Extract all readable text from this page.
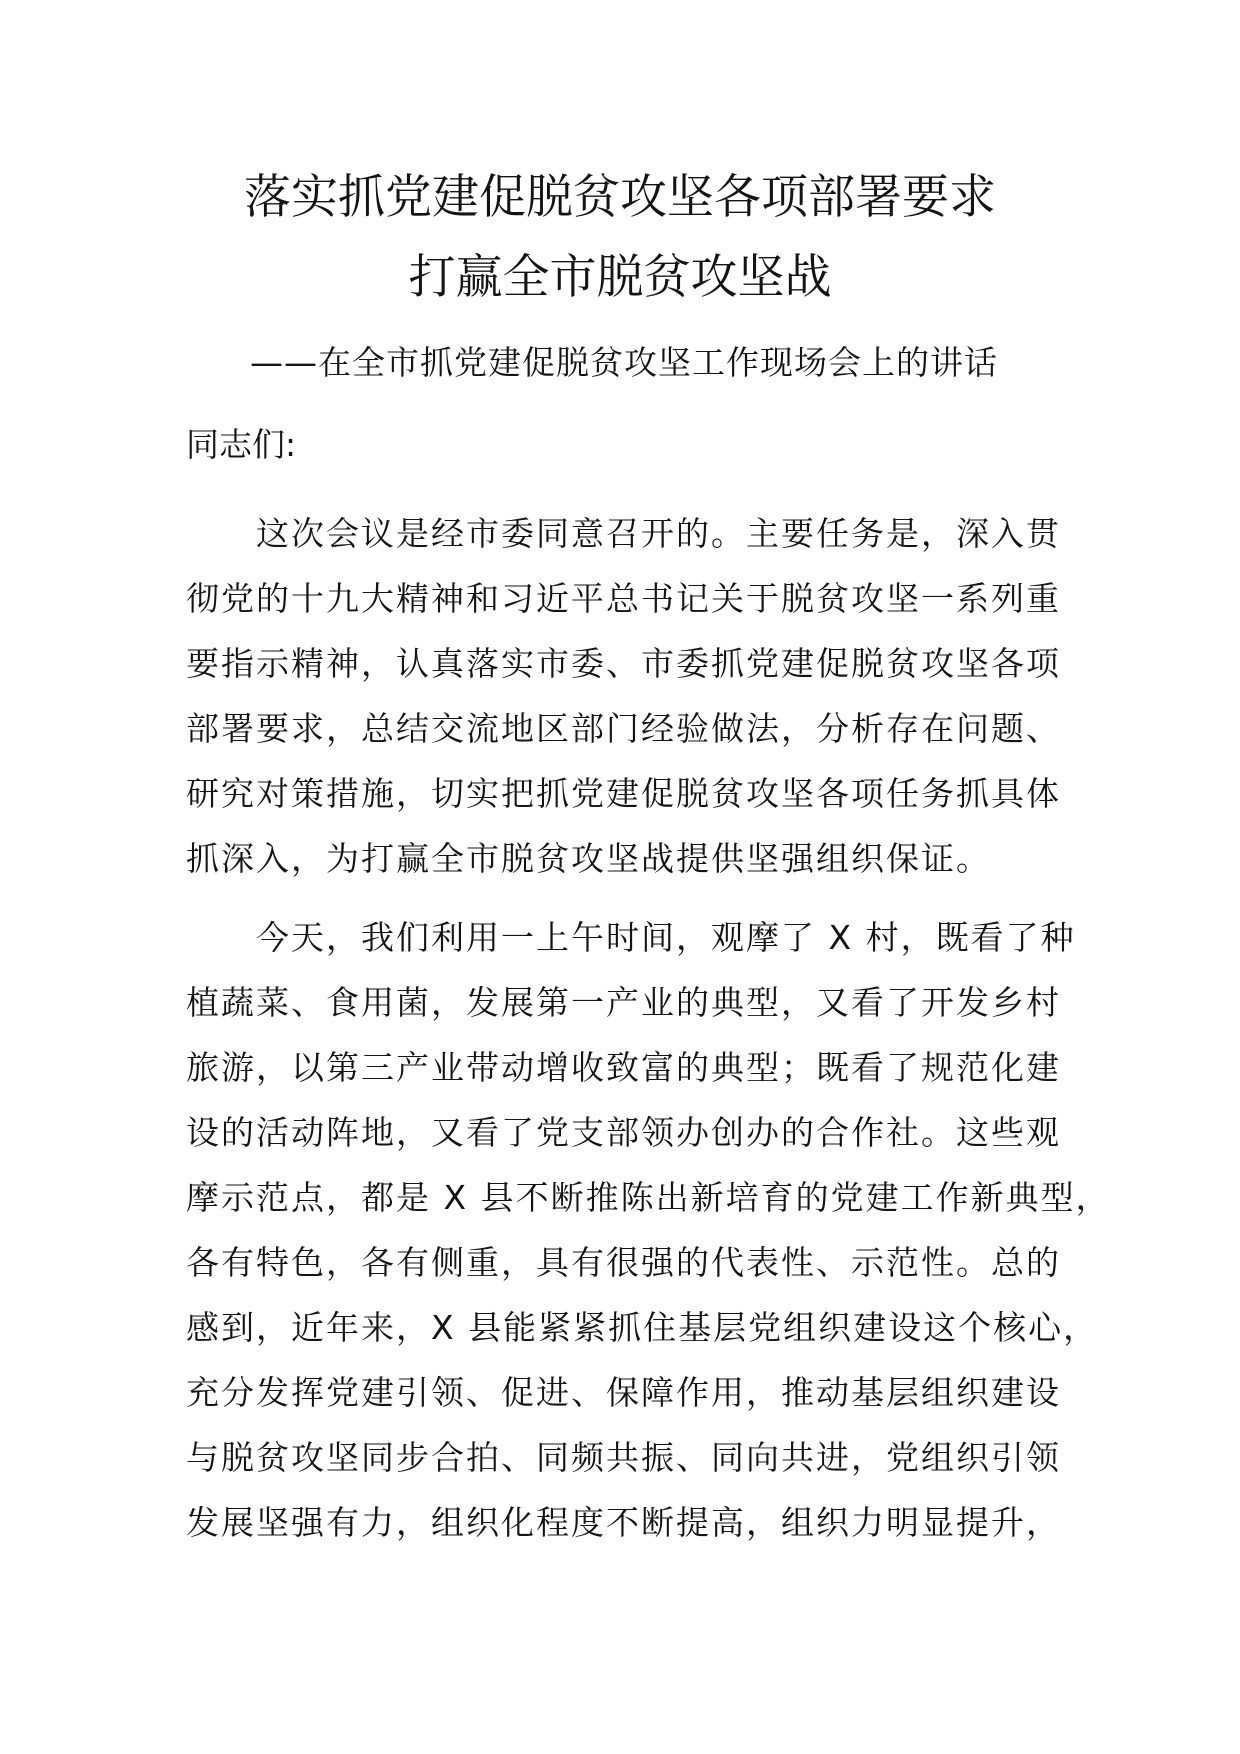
落实抓党建促脱贫攻坚各项部署要求
打赢全市脱贫攻坚战

——在全市抓党建促脱贫攻坚工作现场会上的讲话

同志们:

这次会议是经市委同意召开的。主要任务是，深入贯
彻党的十九大精神和习近平总书记关于脱贫攻坚一系列重
要指示精神，认真落实市委、市委抓党建促脱贫攻坚各项
部署要求，总结交流地区部门经验做法，分析存在问题、
研究对策措施，切实把抓党建促脱贫攻坚各项任务抓具体
抓深入，为打赢全市脱贫攻坚战提供坚强组织保证。
今天，我们利用一上午时间，观摩了 X 村，既看了种
植蔬菜、食用菌，发展第一产业的典型，又看了开发乡村
旅游，以第三产业带动增收致富的典型；既看了规范化建
设的活动阵地，又看了党支部领办创办的合作社。这些观
摩示范点，都是 X 县不断推陈出新培育的党建工作新典型，
各有特色，各有侧重，具有很强的代表性、示范性。总的
感到，近年来，X 县能紧紧抓住基层党组织建设这个核心，
充分发挥党建引领、促进、保障作用，推动基层组织建设
与脱贫攻坚同步合拍、同频共振、同向共进，党组织引领
发展坚强有力，组织化程度不断提高，组织力明显提升，
